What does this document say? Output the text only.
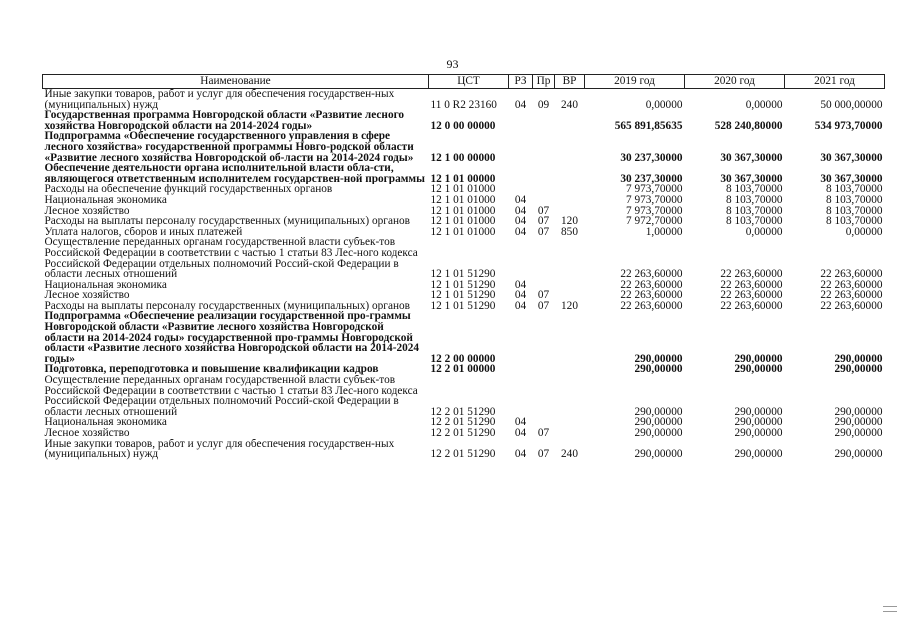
93
Наименование	ЦСТ	РЗ	Пр	ВР	2019 год	2020 год	2021 год
Иные закупки товаров, работ и услуг для обеспечения государствен-ных (муниципальных) нужд	11 0 R2 23160	04	09	240	0,00000	0,00000	50 000,00000
Государственная программа Новгородской области «Развитие лесного хозяйства Новгородской области на 2014-2024 годы»	12 0 00 00000				565 891,85635	528 240,80000	534 973,70000
Подпрограмма «Обеспечение государственного управления в сфере лесного хозяйства» государственной программы Новго-родской области «Развитие лесного хозяйства Новгородской об-ласти на 2014-2024 годы»	12 1 00 00000				30 237,30000	30 367,30000	30 367,30000
Обеспечение деятельности органа исполнительной власти обла-сти, являющегося ответственным исполнителем государствен-ной программы	12 1 01 00000				30 237,30000	30 367,30000	30 367,30000
Расходы на обеспечение функций государственных органов	12 1 01 01000				7 973,70000	8 103,70000	8 103,70000
Национальная экономика	12 1 01 01000	04			7 973,70000	8 103,70000	8 103,70000
Лесное хозяйство	12 1 01 01000	04	07		7 973,70000	8 103,70000	8 103,70000
Расходы на выплаты персоналу государственных (муниципальных) органов	12 1 01 01000	04	07	120	7 972,70000	8 103,70000	8 103,70000
Уплата налогов, сборов и иных платежей	12 1 01 01000	04	07	850	1,00000	0,00000	0,00000
Осуществление переданных органам государственной власти субъек-тов Российской Федерации в соответствии с частью 1 статьи 83 Лес-ного кодекса Российской Федерации отдельных полномочий Россий-ской Федерации в области лесных отношений	12 1 01 51290				22 263,60000	22 263,60000	22 263,60000
Национальная экономика	12 1 01 51290	04			22 263,60000	22 263,60000	22 263,60000
Лесное хозяйство	12 1 01 51290	04	07		22 263,60000	22 263,60000	22 263,60000
Расходы на выплаты персоналу государственных (муниципальных) органов	12 1 01 51290	04	07	120	22 263,60000	22 263,60000	22 263,60000
Подпрограмма «Обеспечение реализации государственной про-граммы Новгородской области «Развитие лесного хозяйства Новгородской области на 2014-2024 годы» государственной про-граммы Новгородской области «Развитие лесного хозяйства Новгородской области на 2014-2024 годы»	12 2 00 00000				290,00000	290,00000	290,00000
Подготовка, переподготовка и повышение квалификации кадров	12 2 01 00000				290,00000	290,00000	290,00000
Осуществление переданных органам государственной власти субъек-тов Российской Федерации в соответствии с частью 1 статьи 83 Лес-ного кодекса Российской Федерации отдельных полномочий Россий-ской Федерации в области лесных отношений	12 2 01 51290				290,00000	290,00000	290,00000
Национальная экономика	12 2 01 51290	04			290,00000	290,00000	290,00000
Лесное хозяйство	12 2 01 51290	04	07		290,00000	290,00000	290,00000
Иные закупки товаров, работ и услуг для обеспечения государствен-ных (муниципальных) нужд	12 2 01 51290	04	07	240	290,00000	290,00000	290,00000
